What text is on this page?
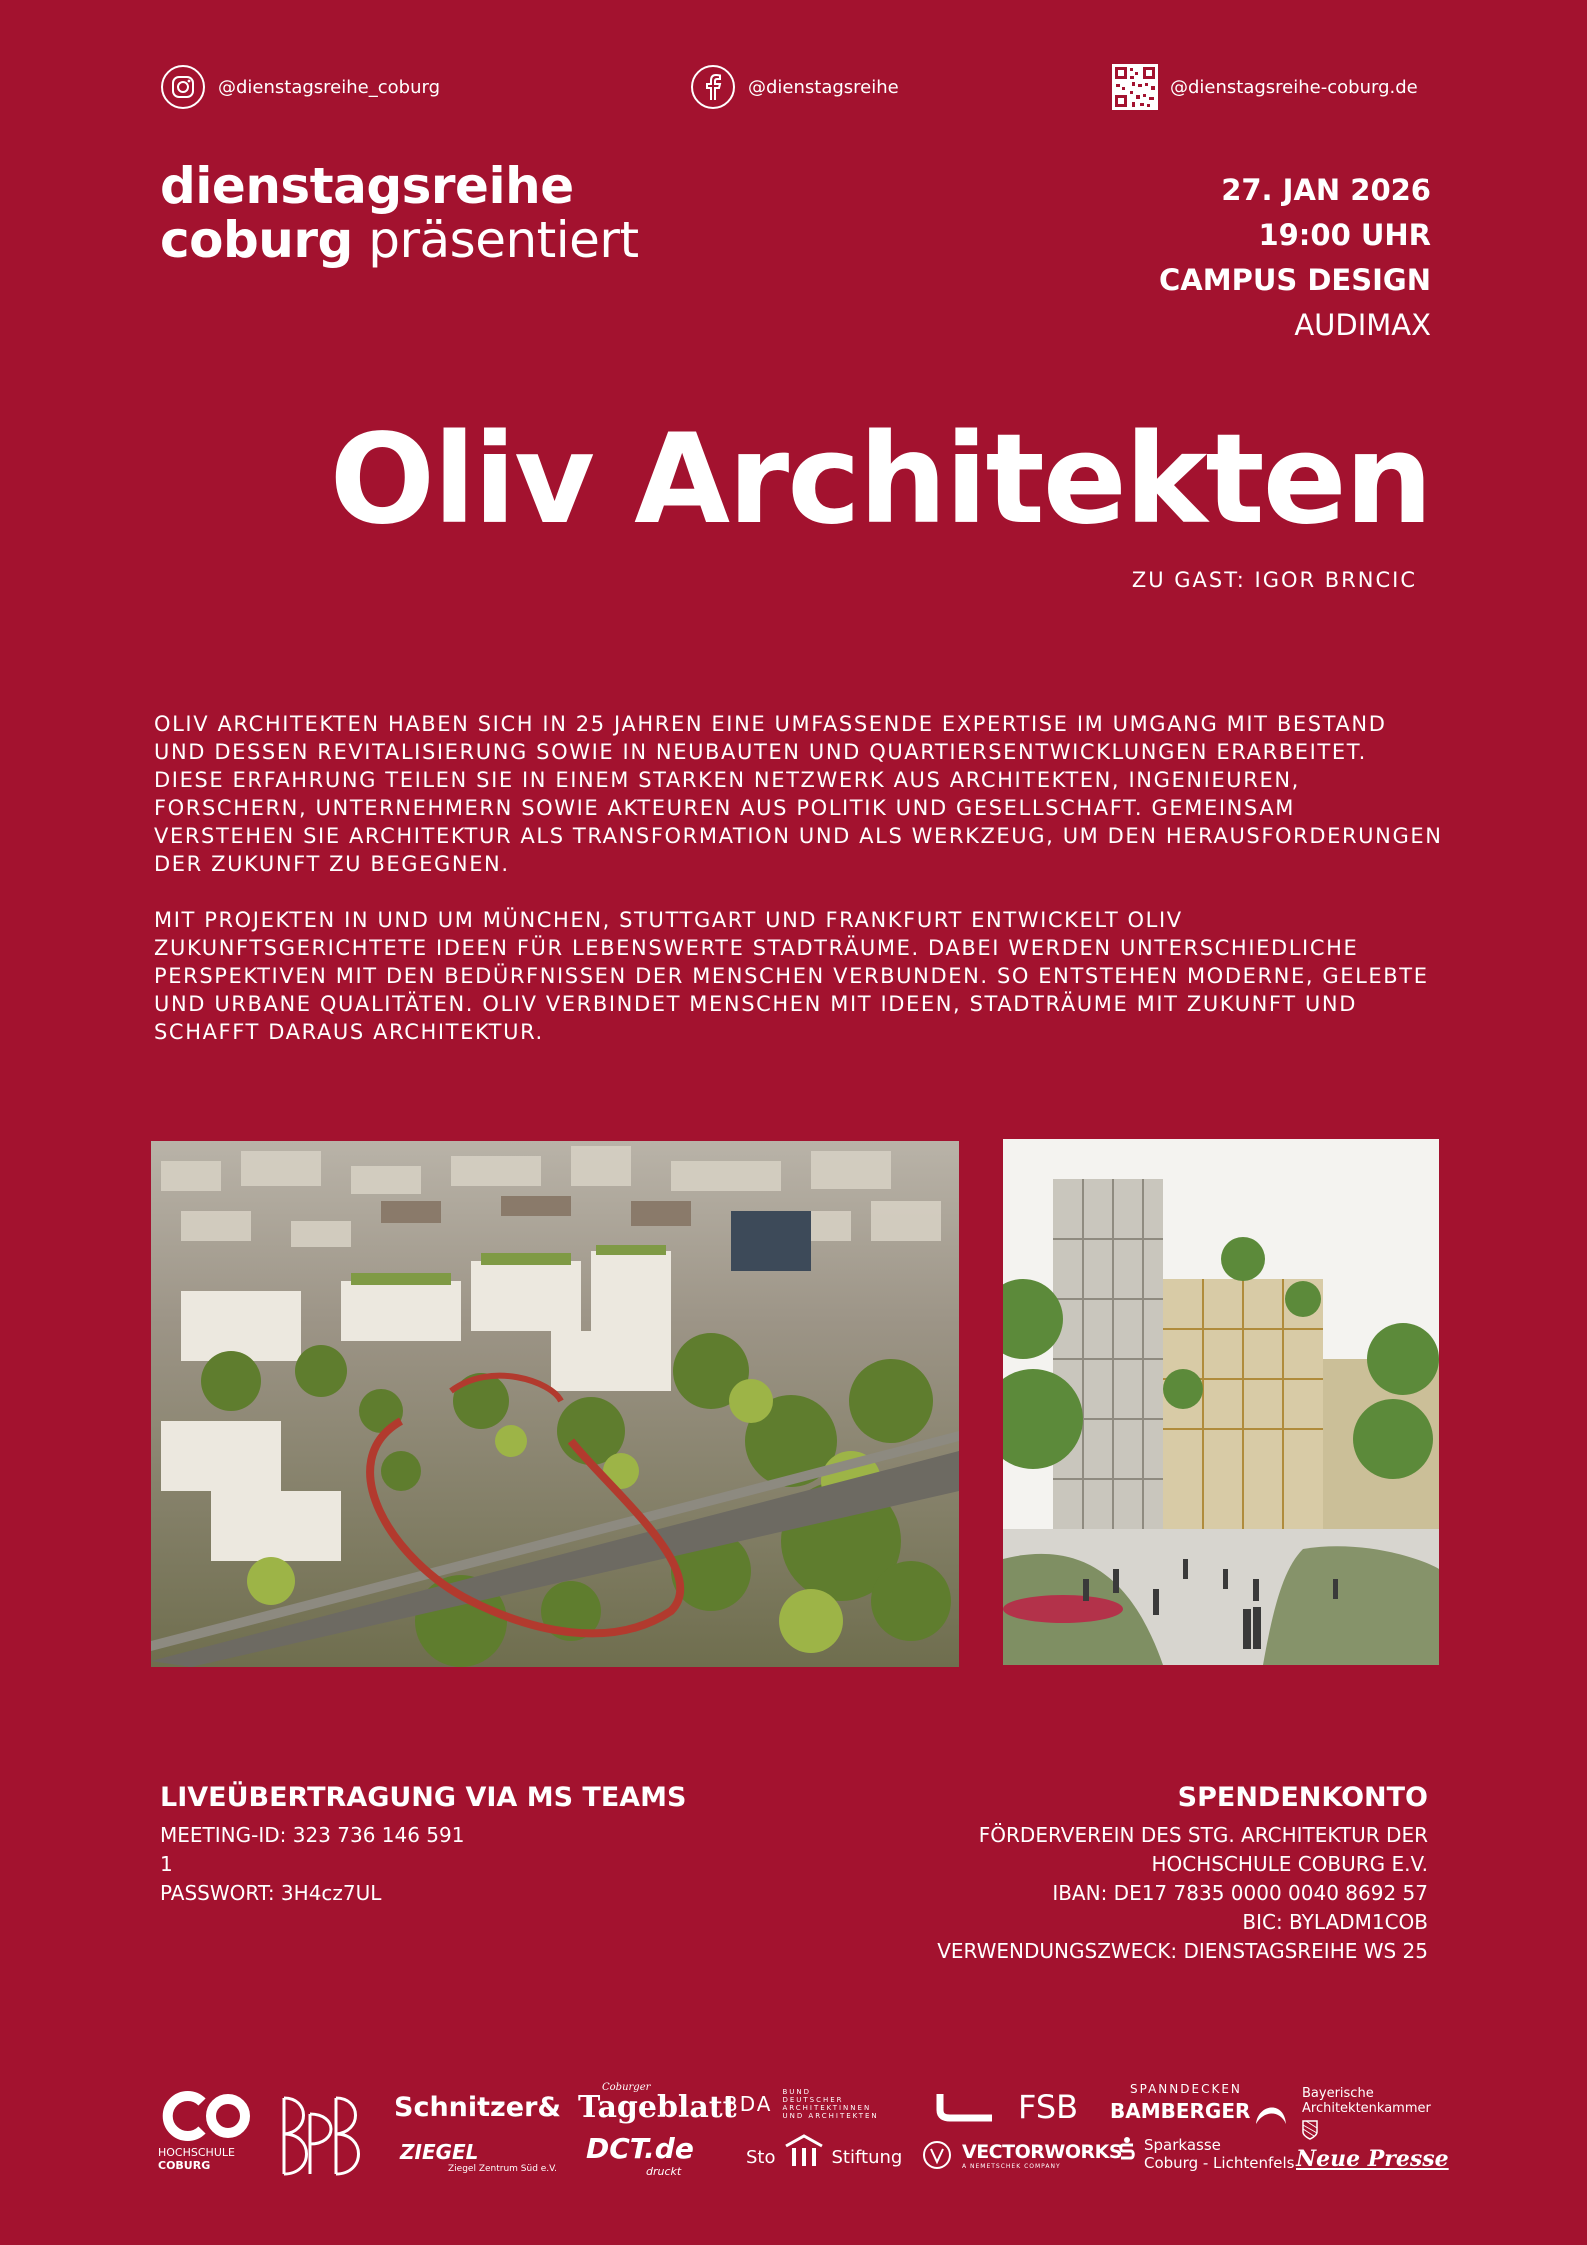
@dienstagsreihe_coburg	@dienstagsreihe	@dienstagsreihe-coburg.de
dienstagsreihe
coburg präsentiert
27. JAN 2026
19:00 UHR
CAMPUS DESIGN
AUDIMAX
Oliv Architekten
ZU GAST: IGOR BRNCIC
OLIV ARCHITEKTEN HABEN SICH IN 25 JAHREN EINE UMFASSENDE EXPERTISE IM UMGANG MIT BESTAND UND DESSEN REVITALISIERUNG SOWIE IN NEUBAUTEN UND QUARTIERSENTWICKLUNGEN ERARBEITET. DIESE ERFAHRUNG TEILEN SIE IN EINEM STARKEN NETZWERK AUS ARCHITEKTEN, INGENIEUREN, FORSCHERN, UNTERNEHMERN SOWIE AKTEUREN AUS POLITIK UND GESELLSCHAFT. GEMEINSAM VERSTEHEN SIE ARCHITEKTUR ALS TRANSFORMATION UND ALS WERKZEUG, UM DEN HERAUSFORDERUNGEN DER ZUKUNFT ZU BEGEGNEN.
MIT PROJEKTEN IN UND UM MÜNCHEN, STUTTGART UND FRANKFURT ENTWICKELT OLIV ZUKUNFTSGERICHTETE IDEEN FÜR LEBENSWERTE STADTRÄUME. DABEI WERDEN UNTERSCHIEDLICHE PERSPEKTIVEN MIT DEN BEDÜRFNISSEN DER MENSCHEN VERBUNDEN. SO ENTSTEHEN MODERNE, GELEBTE UND URBANE QUALITÄTEN. OLIV VERBINDET MENSCHEN MIT IDEEN, STADTRÄUME MIT ZUKUNFT UND SCHAFFT DARAUS ARCHITEKTUR.
LIVEÜBERTRAGUNG VIA MS TEAMS
MEETING-ID: 323 736 146 591
1
PASSWORT: 3H4cz7UL
SPENDENKONTO
FÖRDERVEREIN DES STG. ARCHITEKTUR DER
HOCHSCHULE COBURG E.V.
IBAN: DE17 7835 0000 0040 8692 57
BIC: BYLADM1COB
VERWENDUNGSZWECK: DIENSTAGSREIHE WS 25
HOCHSCHULE
COBURG
Schnitzer&
ZIEGEL
Ziegel Zentrum Süd e.V.
Coburger
Tageblatt
DCT.de
druckt
BDA BUND
DEUTSCHER
ARCHITEKTINNEN
UND ARCHITEKTEN
Sto	Stiftung
FSB
VECTORWORKS
A NEMETSCHEK COMPANY
SPANNDECKEN
BAMBERGER
Sparkasse
Coburg - Lichtenfels
Bayerische
Architektenkammer
Neue Presse
